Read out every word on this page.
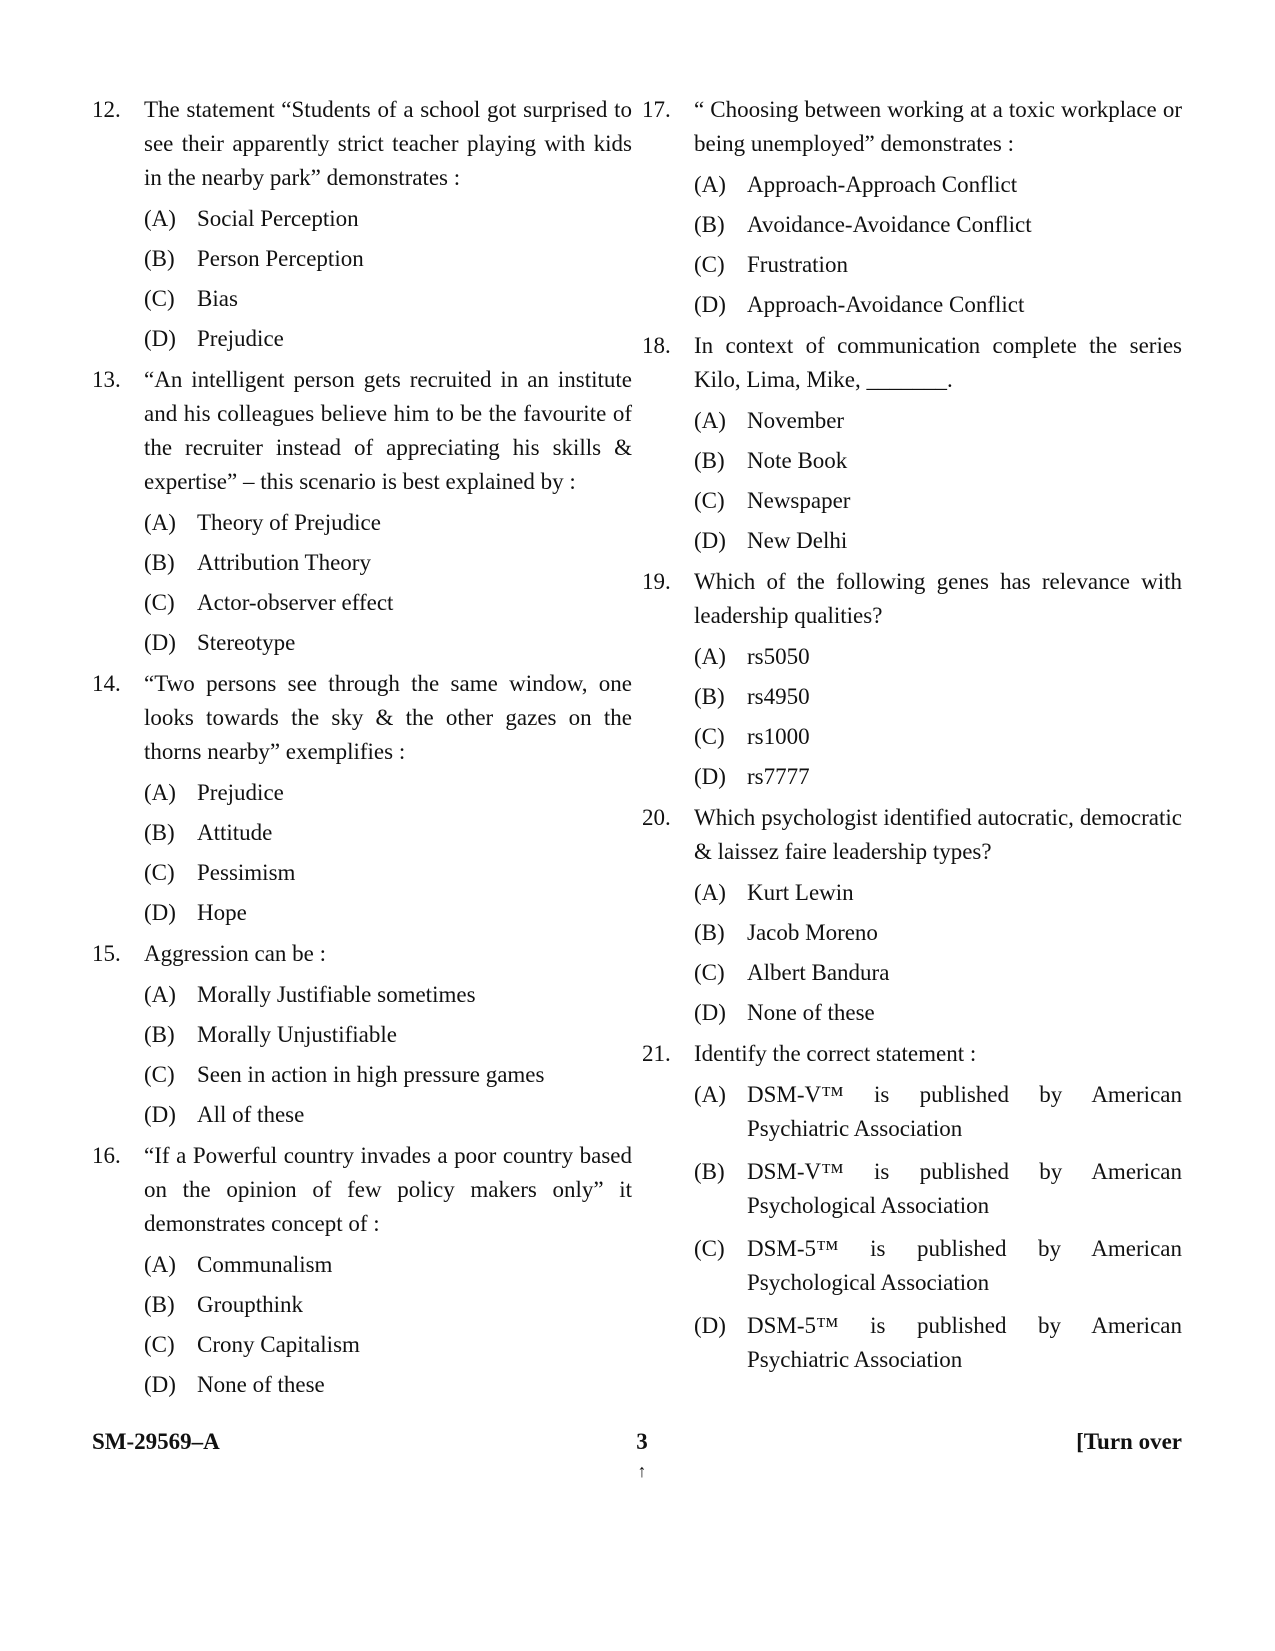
12.	The statement “Students of a school got surprised to see their apparently strict teacher playing with kids in the nearby park” demonstrates :
(A) Social Perception
(B) Person Perception
(C) Bias
(D) Prejudice
13.	“An intelligent person gets recruited in an institute and his colleagues believe him to be the favourite of the recruiter instead of appreciating his skills & expertise” – this scenario is best explained by :
(A) Theory of Prejudice
(B) Attribution Theory
(C) Actor-observer effect
(D) Stereotype
14.	“Two persons see through the same window, one looks towards the sky & the other gazes on the thorns nearby” exemplifies :
(A) Prejudice
(B) Attitude
(C) Pessimism
(D) Hope
15.	Aggression can be :
(A) Morally Justifiable sometimes
(B) Morally Unjustifiable
(C) Seen in action in high pressure games
(D) All of these
16.	“If a Powerful country invades a poor country based on the opinion of few policy makers only” it demonstrates concept of :
(A) Communalism
(B) Groupthink
(C) Crony Capitalism
(D) None of these
17.	“ Choosing between working at a toxic workplace or being unemployed” demonstrates :
(A) Approach-Approach Conflict
(B) Avoidance-Avoidance Conflict
(C) Frustration
(D) Approach-Avoidance Conflict
18.	In context of communication complete the series Kilo, Lima, Mike, _______.
(A) November
(B) Note Book
(C) Newspaper
(D) New Delhi
19.	Which of the following genes has relevance with leadership qualities?
(A) rs5050
(B) rs4950
(C) rs1000
(D) rs7777
20.	Which psychologist identified autocratic, democratic & laissez faire leadership types?
(A) Kurt Lewin
(B) Jacob Moreno
(C) Albert Bandura
(D) None of these
21.	Identify the correct statement :
(A) DSM-V™ is published by American Psychiatric Association
(B) DSM-V™ is published by American Psychological Association
(C) DSM-5™ is published by American Psychological Association
(D) DSM-5™ is published by American Psychiatric Association
SM-29569–A	3
↑
[Turn over
